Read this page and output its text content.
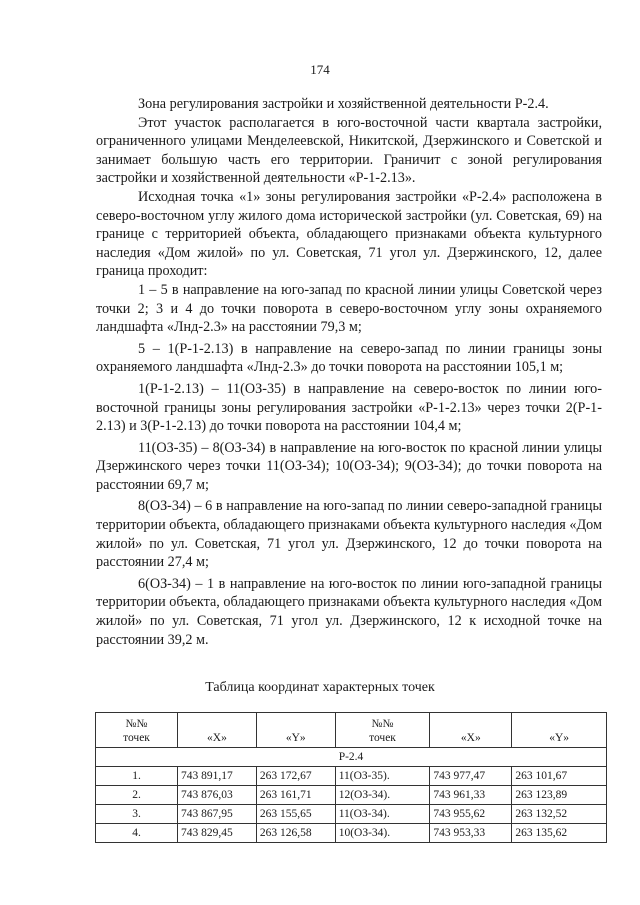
174

Зона регулирования застройки и хозяйственной деятельности Р-2.4.

Этот участок располагается в юго-восточной части квартала застройки, ограниченного улицами Менделеевской, Никитской, Дзержинского и Советской и занимает большую часть его территории. Граничит с зоной регулирования застройки и хозяйственной деятельности «Р-1-2.13».

Исходная точка «1» зоны регулирования застройки «Р-2.4» расположена в северо-восточном углу жилого дома исторической застройки (ул. Советская, 69) на границе с территорией объекта, обладающего признаками объекта культурного наследия «Дом жилой» по ул. Советская, 71 угол ул. Дзержинского, 12, далее граница проходит:

1 – 5 в направление на юго-запад по красной линии улицы Советской через точки 2; 3 и 4 до точки поворота в северо-восточном углу зоны охраняемого ландшафта «Лнд-2.3» на расстоянии 79,3 м;

5 – 1(Р-1-2.13) в направление на северо-запад по линии границы зоны охраняемого ландшафта «Лнд-2.3» до точки поворота на расстоянии 105,1 м;

1(Р-1-2.13) – 11(ОЗ-35) в направление на северо-восток по линии юго-восточной границы зоны регулирования застройки «Р-1-2.13» через точки 2(Р-1-2.13) и 3(Р-1-2.13) до точки поворота на расстоянии 104,4 м;

11(ОЗ-35) – 8(ОЗ-34) в направление на юго-восток по красной линии улицы Дзержинского через точки 11(ОЗ-34); 10(ОЗ-34); 9(ОЗ-34); до точки поворота на расстоянии 69,7 м;

8(ОЗ-34) – 6 в направление на юго-запад по линии северо-западной границы территории объекта, обладающего признаками объекта культурного наследия «Дом жилой» по ул. Советская, 71 угол ул. Дзержинского, 12 до точки поворота на расстоянии 27,4 м;

6(ОЗ-34) – 1 в направление на юго-восток по линии юго-западной границы территории объекта, обладающего признаками объекта культурного наследия «Дом жилой» по ул. Советская, 71 угол ул. Дзержинского, 12 к исходной точке на расстоянии 39,2 м.

Таблица координат характерных точек
№№
точек	«X»	«Y»	№№
точек	«X»	«Y»
Р-2.4					
1.	743 891,17	263 172,67	11(ОЗ-35).	743 977,47	263 101,67
2.	743 876,03	263 161,71	12(ОЗ-34).	743 961,33	263 123,89
3.	743 867,95	263 155,65	11(ОЗ-34).	743 955,62	263 132,52
4.	743 829,45	263 126,58	10(ОЗ-34).	743 953,33	263 135,62
